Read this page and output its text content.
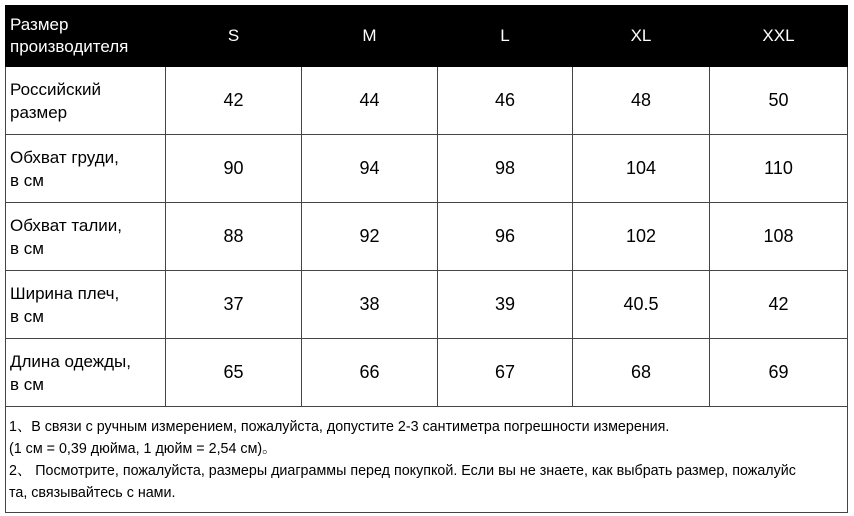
Размер
производителя	S	M	L	XL	XXL

Российский
размер	42	44	46	48	50

Обхват груди,
в см	90	94	98	104	110

Обхват талии,
в см	88	92	96	102	108

Ширина плеч,
в см	37	38	39	40.5	42

Длина одежды,
в см	65	66	67	68	69

1、В связи с ручным измерением, пожалуйста, допустите 2-3 сантиметра погрешности измерения.
(1 см = 0,39 дюйма, 1 дюйм = 2,54 см)。
2、 Посмотрите, пожалуйста, размеры диаграммы перед покупкой. Если вы не знаете, как выбрать размер, пожалуйс
та, связывайтесь с нами.					
